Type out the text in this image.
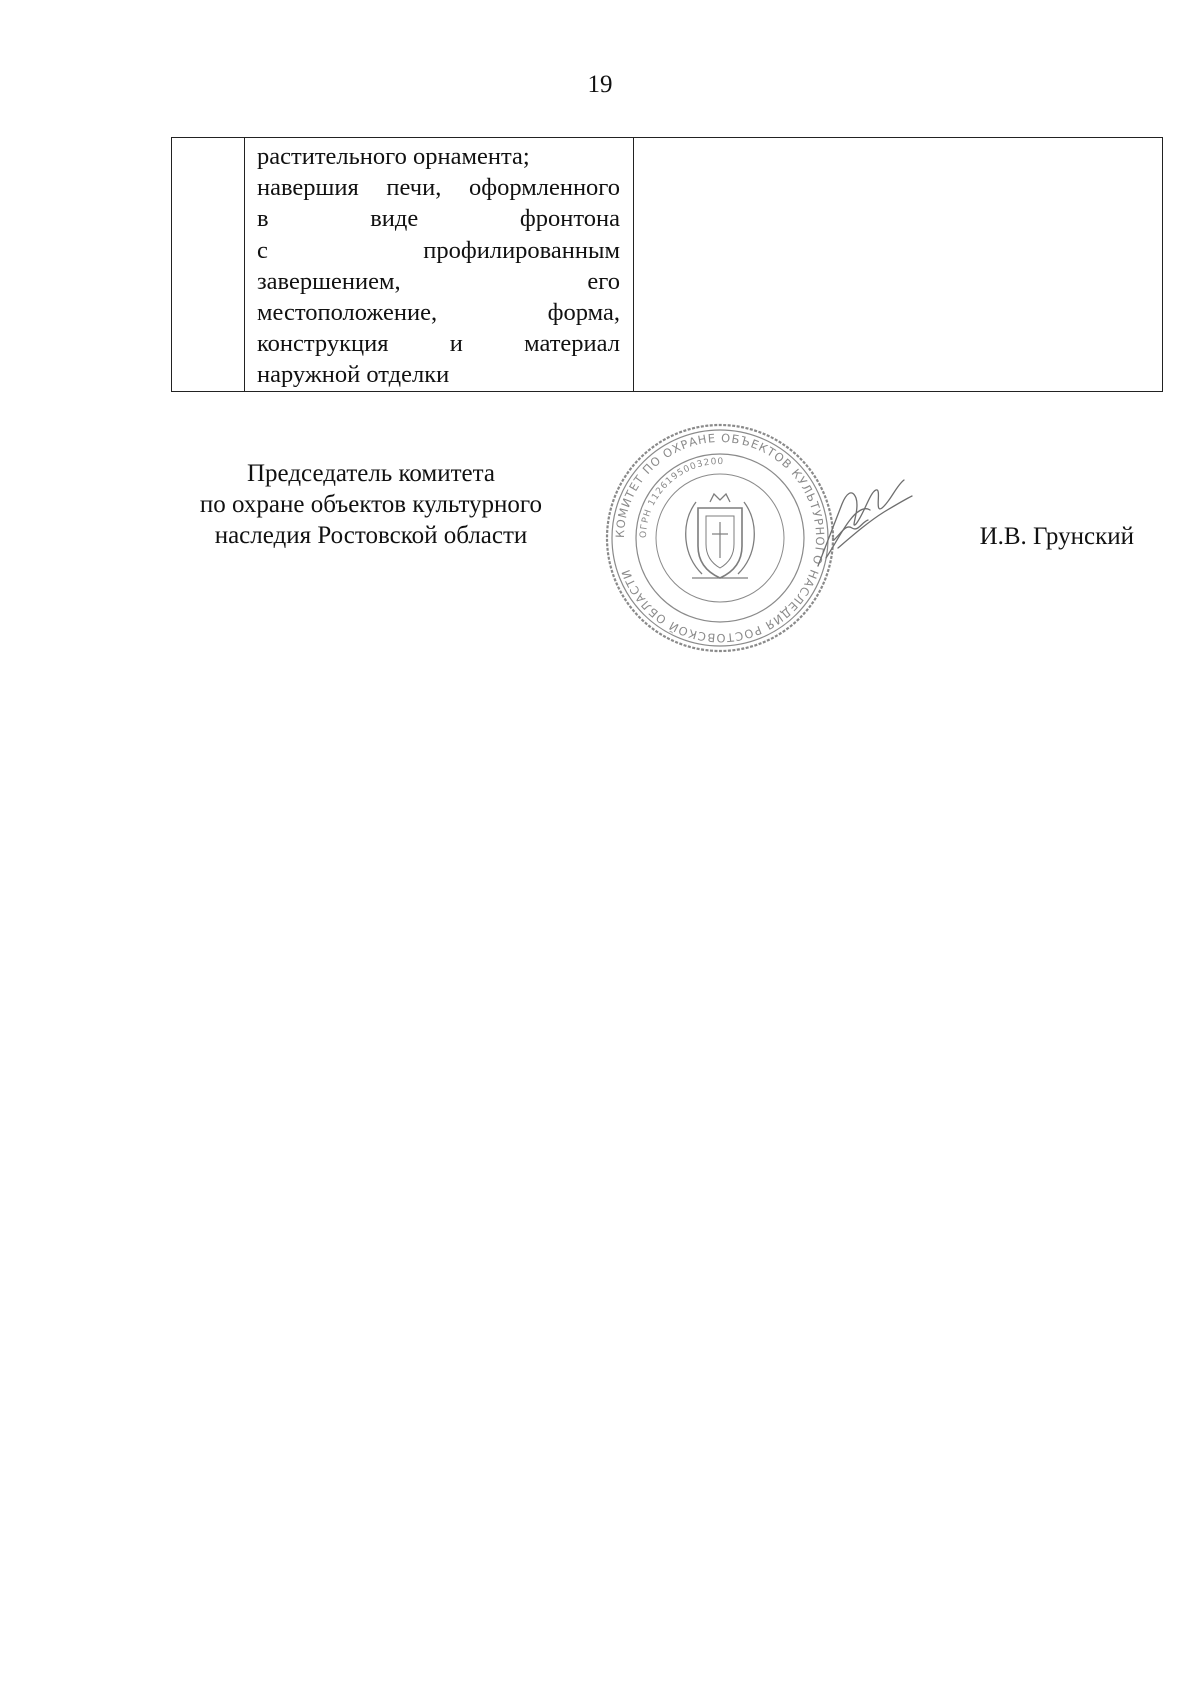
19

растительного орнамента;
навершия печи, оформленного
в	виде	фронтона
с	профилированным
завершением,	его
местоположение,	форма,
конструкция	и	материал
наружной отделки

Председатель комитета
по охране объектов культурного
наследия Ростовской области	КОМИТЕТ ПО ОХРАНЕ ОБЪЕКТОВ КУЛЬТУРНОГО НАСЛЕДИЯ РОСТОВСКОЙ ОБЛАСТИ
ОГРН 1126195003200
И.В. Грунский
